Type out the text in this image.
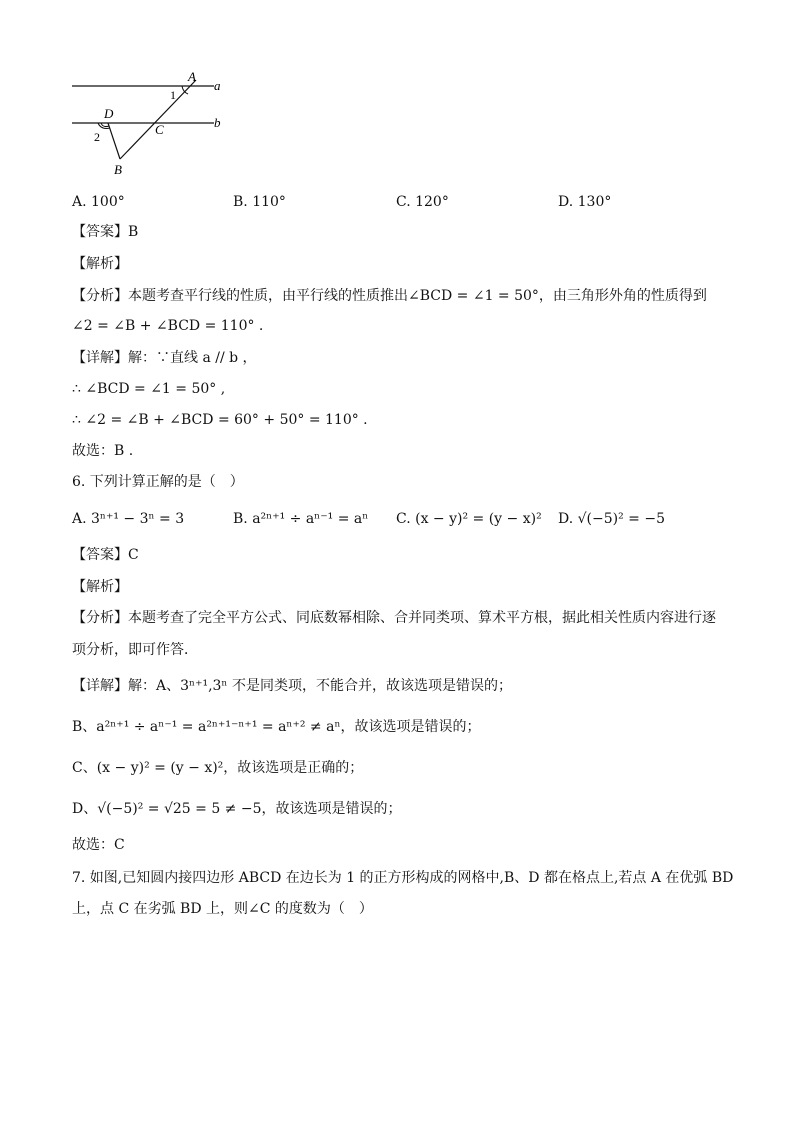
A
a
1
D
b
C
2
B
A. 100°	B. 110°	C. 120°	D. 130°
【答案】B
【解析】
【分析】本题考查平行线的性质，由平行线的性质推出∠BCD = ∠1 = 50°，由三角形外角的性质得到
∠2 = ∠B + ∠BCD = 110° .
【详解】解：∵直线 a // b ，
∴ ∠BCD = ∠1 = 50° ,
∴ ∠2 = ∠B + ∠BCD = 60° + 50° = 110° .
故选：B .
6. 下列计算正解的是（　）
A. 3ⁿ⁺¹ − 3ⁿ = 3	B. a²ⁿ⁺¹ ÷ aⁿ⁻¹ = aⁿ C. (x − y)² = (y − x)² D. √(−5)² = −5
【答案】C
【解析】
【分析】本题考查了完全平方公式、同底数幂相除、合并同类项、算术平方根，据此相关性质内容进行逐
项分析，即可作答．
【详解】解：A、3ⁿ⁺¹,3ⁿ 不是同类项，不能合并，故该选项是错误的；
B、a²ⁿ⁺¹ ÷ aⁿ⁻¹ = a²ⁿ⁺¹⁻ⁿ⁺¹ = aⁿ⁺² ≠ aⁿ，故该选项是错误的；
C、(x − y)² = (y − x)²，故该选项是正确的；
D、√(−5)² = √25 = 5 ≠ −5，故该选项是错误的；
故选：C
7. 如图,已知圆内接四边形 ABCD 在边长为 1 的正方形构成的网格中,B、D 都在格点上,若点 A 在优弧 BD
上，点 C 在劣弧 BD 上，则∠C 的度数为（　）
